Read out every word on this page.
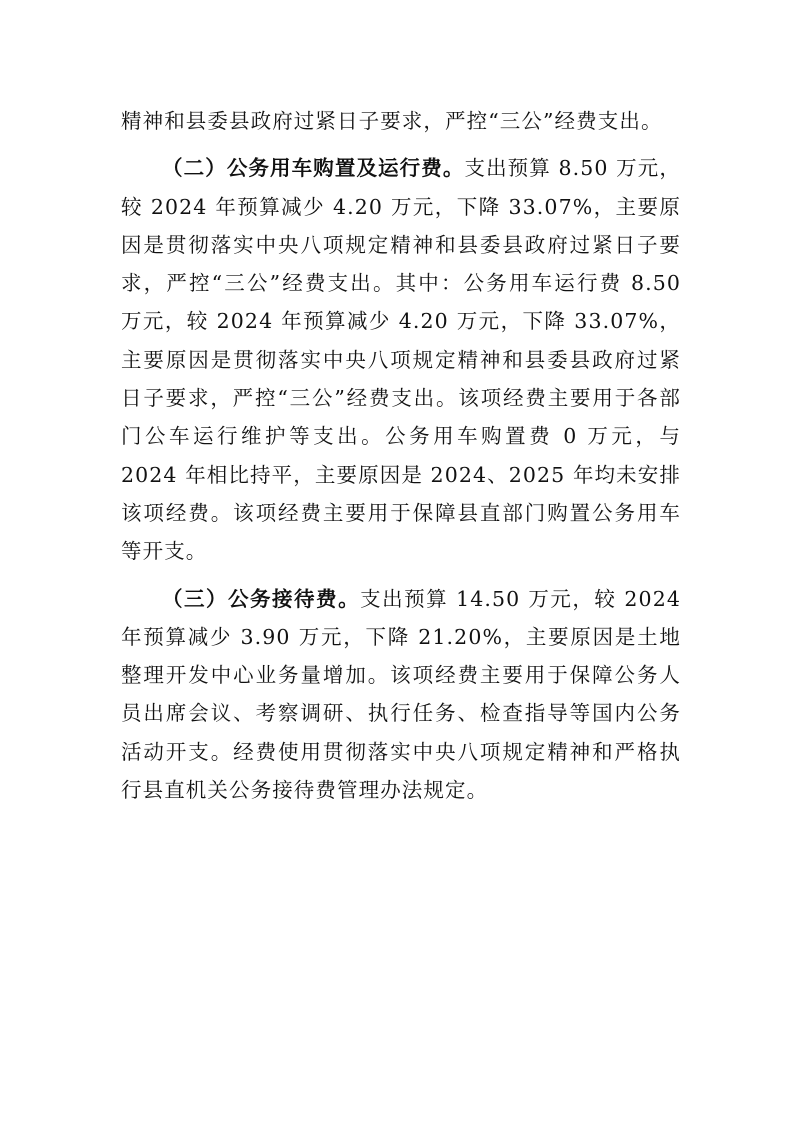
精神和县委县政府过紧日子要求，严控“三公”经费支出。

（二）公务用车购置及运行费。支出预算 8.50 万元，较 2024 年预算减少 4.20 万元，下降 33.07%，主要原因是贯彻落实中央八项规定精神和县委县政府过紧日子要求，严控“三公”经费支出。其中：公务用车运行费 8.50 万元，较 2024 年预算减少 4.20 万元，下降 33.07%，主要原因是贯彻落实中央八项规定精神和县委县政府过紧日子要求，严控“三公”经费支出。该项经费主要用于各部门公车运行维护等支出。公务用车购置费 0 万元，与 2024 年相比持平，主要原因是 2024、2025 年均未安排该项经费。该项经费主要用于保障县直部门购置公务用车等开支。

（三）公务接待费。支出预算 14.50 万元，较 2024 年预算减少 3.90 万元，下降 21.20%，主要原因是土地整理开发中心业务量增加。该项经费主要用于保障公务人员出席会议、考察调研、执行任务、检查指导等国内公务活动开支。经费使用贯彻落实中央八项规定精神和严格执行县直机关公务接待费管理办法规定。
